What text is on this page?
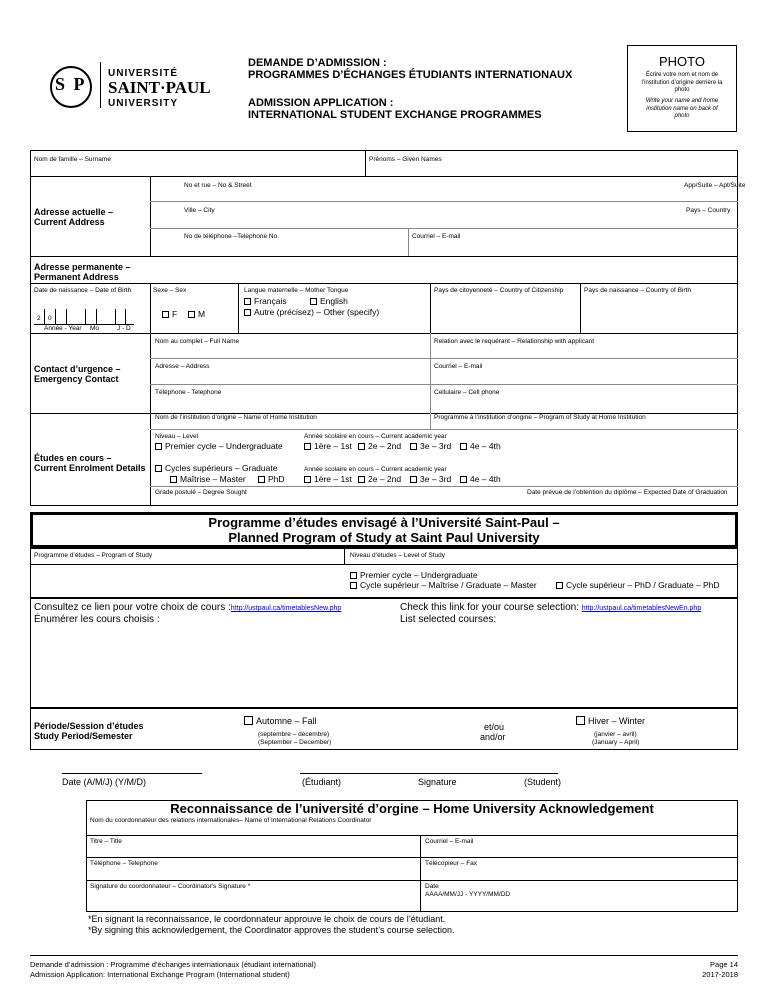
S P
UNIVERSITÉ
SAINT·PAUL
UNIVERSITY
DEMANDE D’ADMISSION :
PROGRAMMES D’ÉCHANGES ÉTUDIANTS INTERNATIONAUX
ADMISSION APPLICATION :
INTERNATIONAL STUDENT EXCHANGE PROGRAMMES
PHOTO
Écrire votre nom et nom de l’institution d’origine derrière la photo
Write your name and home institution name on back of photo
Nom de famille – Surname	Prénoms – Given Names
Adresse actuelle –
Current Address
No et rue – No & Street	App/Suite – Apt/Suite
Ville – City	Pays – Country
No de téléphone –Telephone No.	Courriel – E-mail
Adresse permanente –
Permanent Address
Date de naissance – Date of Birth	Sexe – Sex	Langue maternelle – Mother Tongue	Pays de citoyenneté – Country of Citizenship	Pays de naissance – Country of Birth
2 0
Année - Year Mo	J - D
F	M
Français	English
Autre (précisez) – Other (specify)
Contact d’urgence –
Emergency Contact
Nom au complet – Full Name	Relation avec le requérant – Relationship with applicant
Adresse – Address	Courriel – E-mail
Téléphone - Telephone	Cellulaire – Cell phone
Études en cours –
Current Enrolment Details
Nom de l’institution d’origine – Name of Home Institution	Programme à l’institution d’origine – Program of Study at Home Institution
Niveau – Level
Premier cycle – Undergraduate
Année scolaire en cours – Current academic year
1ère – 1st	2e – 2nd	3e – 3rd	4e – 4th
Cycles supérieurs – Graduate
Maîtrise – Master	PhD
Année scolaire en cours – Current academic year
1ère – 1st	2e – 2nd	3e – 3rd	4e – 4th
Grade postulé – Degree Sought	Date prévue de l’obtention du diplôme – Expected Date of Graduation
Programme d’études envisagé à l’Université Saint-Paul –
Planned Program of Study at Saint Paul University
Programme d’études – Program of Study	Niveau d’études – Level of Study
Premier cycle – Undergraduate
Cycle supérieur – Maîtrise / Graduate – Master	Cycle supérieur – PhD / Graduate – PhD
Consultez ce lien pour votre choix de cours :http://ustpaul.ca/timetablesNew.php
Énumérer les cours choisis :
Check this link for your course selection: http://ustpaul.ca/timetablesNewEn.php
List selected courses:
Période/Session d’études
Study Period/Semester
Automne – Fall
(septembre – décembre)
(September – December)
et/ou
and/or
Hiver – Winter
(janvier – avril)
(January – April)
Date (A/M/J) (Y/M/D)	(Étudiant)	Signature	(Student)
Reconnaissance de l’université d’orgine – Home University Acknowledgement
Nom du coordonnateur des relations internationales– Name of International Relations Coordinator
Titre – Title	Courriel – E-mail
Téléphone – Telephone	Télécopieur – Fax
Signature du coordonnateur – Coordinator's Signature *	Date
AAAA/MM/JJ - YYYY/MM/DD
*En signant la reconnaissance, le coordonnateur approuve le choix de cours de l’étudiant.
*By signing this acknowledgement, the Coordinator approves the student’s course selection.
Demande d’admission : Programme d’échanges internationaux (étudiant international)
Admission Application: International Exchange Program (International student)
Page 14
2017-2018
